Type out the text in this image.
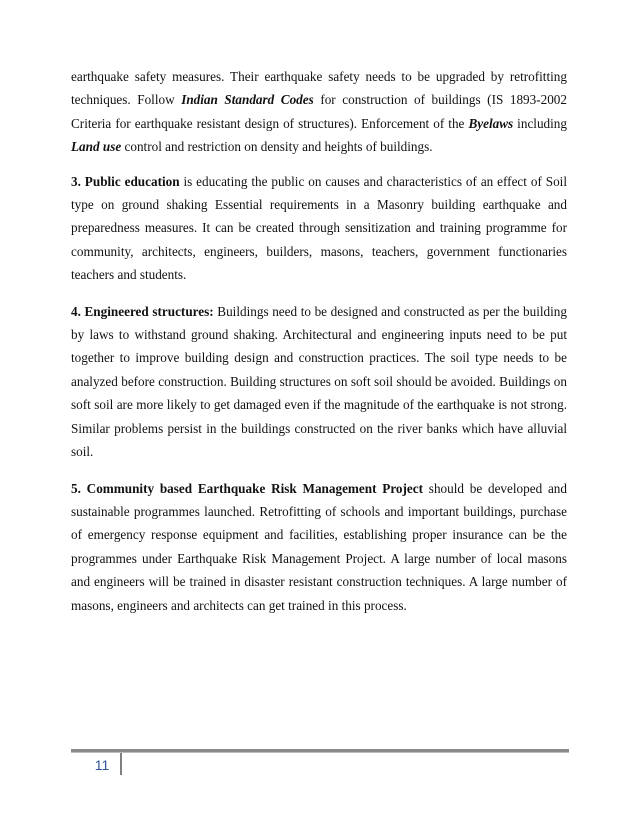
earthquake safety measures. Their earthquake safety needs to be upgraded by retrofitting techniques. Follow Indian Standard Codes for construction of buildings (IS 1893-2002 Criteria for earthquake resistant design of structures). Enforcement of the Byelaws including Land use control and restriction on density and heights of buildings.

3. Public education is educating the public on causes and characteristics of an effect of Soil type on ground shaking Essential requirements in a Masonry building earthquake and preparedness measures. It can be created through sensitization and training programme for community, architects, engineers, builders, masons, teachers, government functionaries teachers and students.

4. Engineered structures: Buildings need to be designed and constructed as per the building by laws to withstand ground shaking. Architectural and engineering inputs need to be put together to improve building design and construction practices. The soil type needs to be analyzed before construction. Building structures on soft soil should be avoided. Buildings on soft soil are more likely to get damaged even if the magnitude of the earthquake is not strong. Similar problems persist in the buildings constructed on the river banks which have alluvial soil.

5. Community based Earthquake Risk Management Project should be developed and sustainable programmes launched. Retrofitting of schools and important buildings, purchase of emergency response equipment and facilities, establishing proper insurance can be the programmes under Earthquake Risk Management Project. A large number of local masons and engineers will be trained in disaster resistant construction techniques. A large number of masons, engineers and architects can get trained in this process.

11
